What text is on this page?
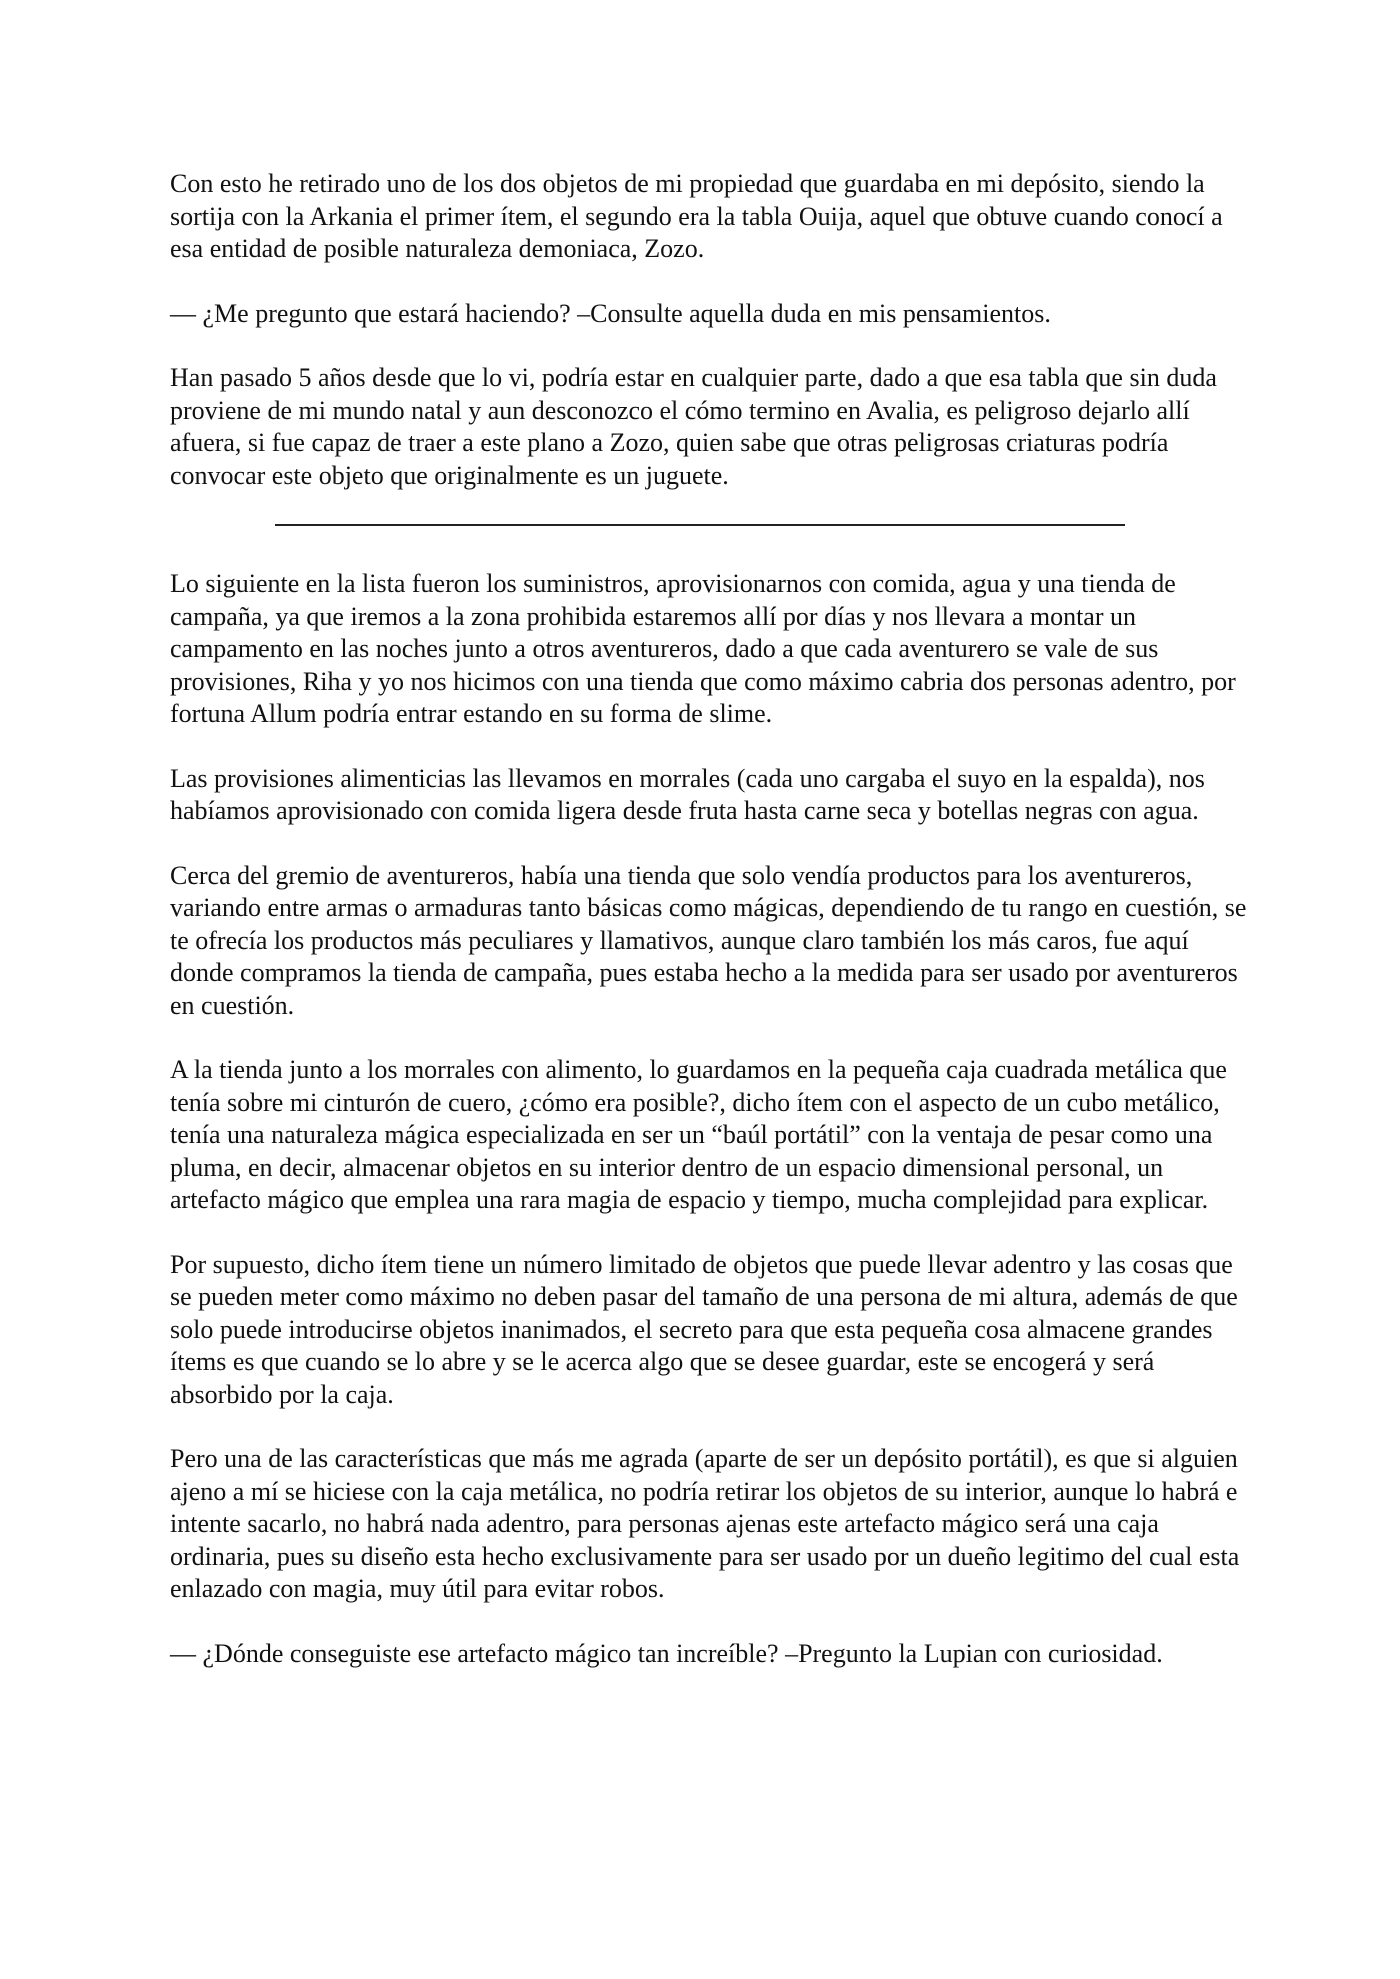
Con esto he retirado uno de los dos objetos de mi propiedad que guardaba en mi depósito, siendo la sortija con la Arkania el primer ítem, el segundo era la tabla Ouija, aquel que obtuve cuando conocí a esa entidad de posible naturaleza demoniaca, Zozo.

— ¿Me pregunto que estará haciendo? –Consulte aquella duda en mis pensamientos.

Han pasado 5 años desde que lo vi, podría estar en cualquier parte, dado a que esa tabla que sin duda proviene de mi mundo natal y aun desconozco el cómo termino en Avalia, es peligroso dejarlo allí afuera, si fue capaz de traer a este plano a Zozo, quien sabe que otras peligrosas criaturas podría convocar este objeto que originalmente es un juguete.

Lo siguiente en la lista fueron los suministros, aprovisionarnos con comida, agua y una tienda de campaña, ya que iremos a la zona prohibida estaremos allí por días y nos llevara a montar un campamento en las noches junto a otros aventureros, dado a que cada aventurero se vale de sus provisiones, Riha y yo nos hicimos con una tienda que como máximo cabria dos personas adentro, por fortuna Allum podría entrar estando en su forma de slime.

Las provisiones alimenticias las llevamos en morrales (cada uno cargaba el suyo en la espalda), nos habíamos aprovisionado con comida ligera desde fruta hasta carne seca y botellas negras con agua.

Cerca del gremio de aventureros, había una tienda que solo vendía productos para los aventureros, variando entre armas o armaduras tanto básicas como mágicas, dependiendo de tu rango en cuestión, se te ofrecía los productos más peculiares y llamativos, aunque claro también los más caros, fue aquí donde compramos la tienda de campaña, pues estaba hecho a la medida para ser usado por aventureros en cuestión.

A la tienda junto a los morrales con alimento, lo guardamos en la pequeña caja cuadrada metálica que tenía sobre mi cinturón de cuero, ¿cómo era posible?, dicho ítem con el aspecto de un cubo metálico, tenía una naturaleza mágica especializada en ser un “baúl portátil” con la ventaja de pesar como una pluma, en decir, almacenar objetos en su interior dentro de un espacio dimensional personal, un artefacto mágico que emplea una rara magia de espacio y tiempo, mucha complejidad para explicar.

Por supuesto, dicho ítem tiene un número limitado de objetos que puede llevar adentro y las cosas que se pueden meter como máximo no deben pasar del tamaño de una persona de mi altura, además de que solo puede introducirse objetos inanimados, el secreto para que esta pequeña cosa almacene grandes ítems es que cuando se lo abre y se le acerca algo que se desee guardar, este se encogerá y será absorbido por la caja.

Pero una de las características que más me agrada (aparte de ser un depósito portátil), es que si alguien ajeno a mí se hiciese con la caja metálica, no podría retirar los objetos de su interior, aunque lo habrá e intente sacarlo, no habrá nada adentro, para personas ajenas este artefacto mágico será una caja ordinaria, pues su diseño esta hecho exclusivamente para ser usado por un dueño legitimo del cual esta enlazado con magia, muy útil para evitar robos.

— ¿Dónde conseguiste ese artefacto mágico tan increíble? –Pregunto la Lupian con curiosidad.
